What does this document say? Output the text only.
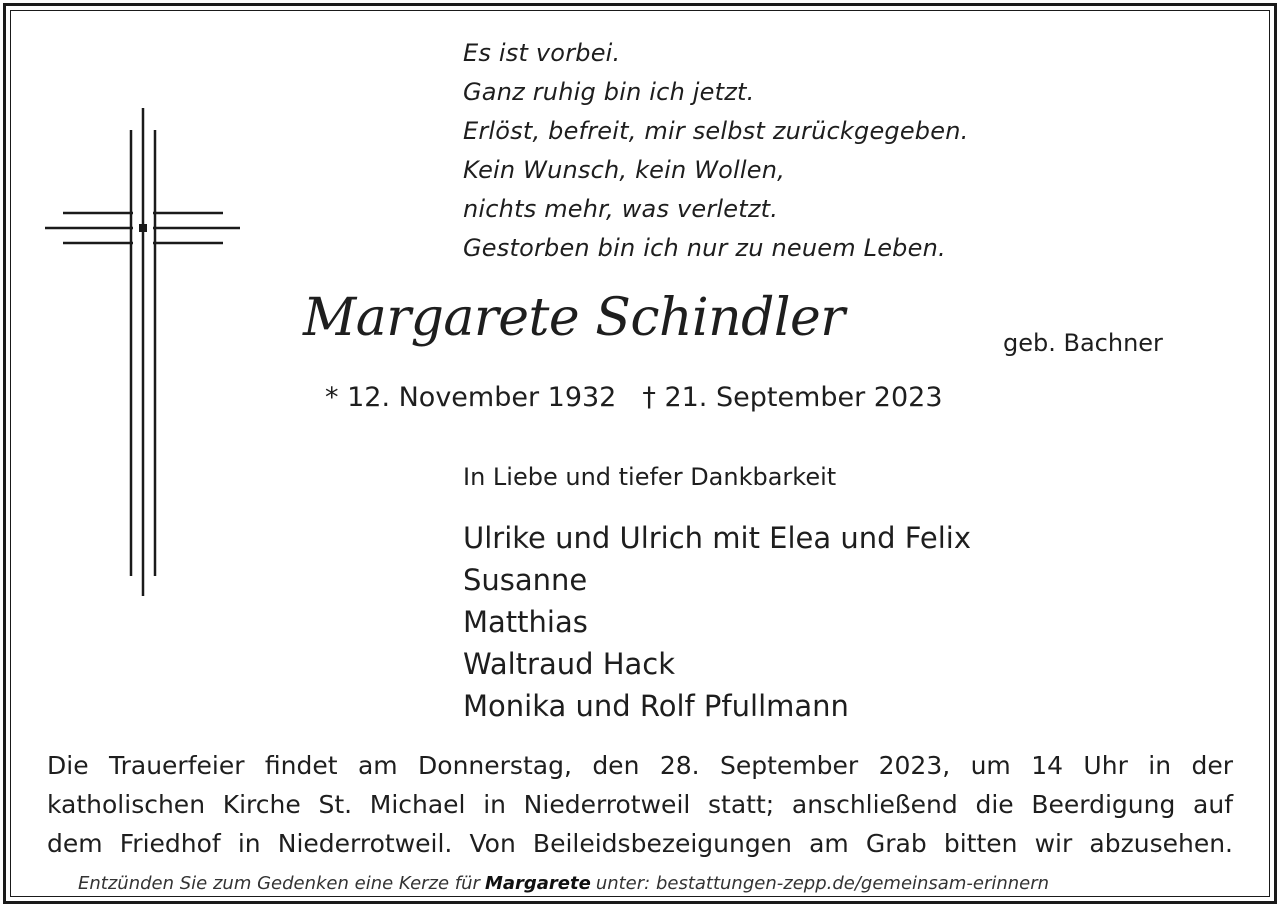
Es ist vorbei.
Ganz ruhig bin ich jetzt.
Erlöst, befreit, mir selbst zurückgegeben.
Kein Wunsch, kein Wollen,
nichts mehr, was verletzt.
Gestorben bin ich nur zu neuem Leben.
Margarete Schindler	geb. Bachner
* 12. November 1932 † 21. September 2023
In Liebe und tiefer Dankbarkeit
Ulrike und Ulrich mit Elea und Felix
Susanne
Matthias
Waltraud Hack
Monika und Rolf Pfullmann
Die Trauerfeier findet am Donnerstag, den 28. September 2023, um 14 Uhr in der
katholischen Kirche St. Michael in Niederrotweil statt; anschließend die Beerdigung auf
dem Friedhof in Niederrotweil. Von Beileidsbezeigungen am Grab bitten wir abzusehen.
Entzünden Sie zum Gedenken eine Kerze für Margarete unter: bestattungen-zepp.de/gemeinsam-erinnern
